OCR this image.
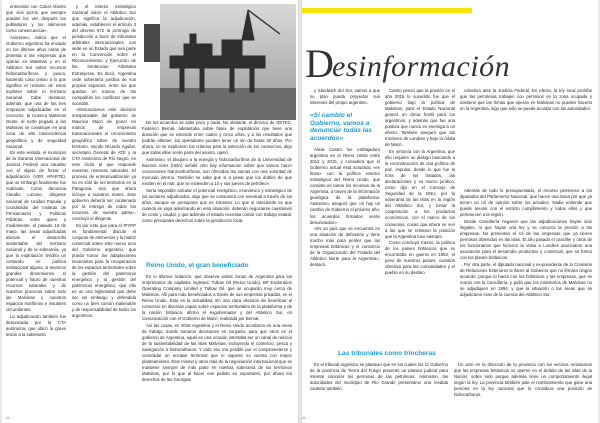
entrevista con Canal Abierto que «los pozos que siempre quedan los ven después los pobladores y los salmones como consecuencia».

Asimismo, indica que el Gobierno argentino ha enviado en los últimos años notas de protesta a las empresas que operan en Malvinas y en el Atlántico Sur sobre recursos hidrocarburíferos y pesca, haciendo caso omiso a lo que significa el reclamo de estos explotes sobre el territorio nacional. Cabe destacar, además, que una de las tres empresas adjudicadas en el concurso, la Cuenca Malvinas Oeste, al norte pegado a las Malvinas se constituye en una zona de alto trascendencia geopolítica y de seguridad nacional.

En este sentido, el municipio de la Garanía Internacional de Justicia Federal una cautelar con el objeto de frenar el adjudicación (VER APARTE), que un embargo finalmente fue realizado. Como denuncia Claudio Lozano, dirigente nacional de Unidad Popular y coordinador del Instituto de Pensamiento y Políticas Públicas, entre quien y mediamente, el pasado 16 de mayo, las áreas adjudicadas afectan el desarrollo sustentable del territorio nacional y de la soberanía, ya que la explotación tendría un comando en política institucional alguna, si tenemos grandes dimensiones el potencial y futuro de nuestros recursos naturales y de nuestros procesos sobre todo las Malvinas y nuestros espacios marítimos e insulares circundantes.

La adjudicación también fue denunciada por la CTA autónoma, que ubicó la grave lesión a la soberanía

y el interés estratégico nacional sobre el Atlántico Sur que significa la adjudicación, además, establecen el artículo 3 del decreto 872 la prórroga de jurisdicción a favor de tribunales arbitrales internacionales con sede en un Estado que sea parte en la Convención sobre el Reconocimiento y Ejecución de las Sentencias Arbitrales Extranjeras. Es decir, Argentina cede soberanía jurídica de sus propios espacios, entre los que quedan en manos de las compañías los conflictos que se sucedan.

«Denunciamos este decisión irresponsable del gobierno de Mauricio Macri de poner en manos de empresas transnacionales el conocimiento geográfico sobre de nuestro territorio, siendo Ricardo Aguilar, secretario General de ATE y la CTA Autónoma de Río Negro, en este ilícito al que responde nuestras reservas naturales. El proceso de entreprivatización ya no es sólo de los territorios en la Patagonia, sino que ahora incluye a nuestros mares. Este gobierno debería ser condenado por la entrega de todos los recursos de nuestra patria», concluyó el dirigente.

Es por esto que para el IPYPP es fundamental discutir el conjunto de elementos y la matriz comercial sobre este nuevo acto del Gobierno argentino, que pueda tomar las adaptaciones necesarias para la recuperación de los espacios territoriales sobre la gestión del patrimonio energético y la gestión del patrimonio energético, que ello es un una legitimidad que debe ser sin embargo y defendida como un bien común inalienable y de responsabilidad de todos los argentinos.

De los acuerdos se sabe poco y nada. No obstante, el director de OETEC, Federico Bernal, adelantaba sobre fases de explotación que tiene una duración que se extiende entre cuatro y cinco años, y a los resultados que podrán obtener, los operadores pueden tener un sin de hasta 30 años. Por ahora, no se explicaron los criterios para la selección de los consorcios, algo que todas ellas serán parte del asunto, opinó.

Asimismo, el bloqueo a la energía y hidrocarburífera de la Universidad de Buenos Aires (UBA) señaló «No hay información sobre que vamos hacer concesiones hidrocarburíferas, son ofrecidas las sumas con una voluntad de mercado interno. También se sabe que si a pesar que los dobles de que existen en el mar, que se extienden a 10 y sus jueves de petróleo».

Sería imposible calcular el potencial energético, económico y estratégico de los sectores adjudicados, algo que se consumirá con eventual a través de los años, aunque se presupone que es inmensa. Lo que sí trasciende es que cuando se vaya adentrando en esta situación, deberán negociarse cuestiones de costo y caudal, y que además el estado necesita contar con trabajo estatal, como principales derechos sobre la jurisdicción local.

Reino Unido, el gran beneficiado

En lo últimos licitación, que observa varias zonas de Argentina para los empresarios de capitales ingleses: Tullow Oil (Reino Unido), BP Exploration Operating Company Limited y Tullow Oil, que se ocuparán muy cerca de Malvinas. Allí para más beneficiados a través de sus empresas privadas, en el Reino Unido. Esta es la actualidad. En una clara decisión de beneficiar al consorcio en diversas capas sobre espacios territoriales de la plataforma y de la nación británica, afirmó el exgobernador y del Atlántico Sur, en comunicación con el Gobierno de Macri, realizada por Bernal.

Así las cosas, en 2016 Argentina y el Reino Unido acordaron en una mesa de trabajo, donde tomaron decisiones en conjunto, para que otros en el gobierno de Argentina, aquel en una ocasión intentaba ser un canal de reinicio de la sustentabilidad de las islas Malvinas, incluyendo el comercio, pesca y navegación a hidrocarburos. Y todo eso era posible por el comprometerse y consolidar un enclave territorial que ni siquiera no cuenta con mayor planteamiento. Este mismo y otros más de la negociación internacional que se mantiene siempre de más parte en nuestra soberanía de los territorios Malvinas, por lo que al hacer ese pedido es importante, por ahora los derechos de las Georgias

00
D
esinformación

y Sándwich del Sur, vamos a que su plan pueda proyectar sus intereses del propio argentino.

«Si cambio el Gobierno, vamos a denunciar todas las acuerdos»

Alicia Castro fue embajadora argentina en el Reino Unido entre 2012 y 2015, y considera que el Gobierno actual está actuando «en línea» con la política exterior estratégica del Reino Unido, que consiste en tomar los recursos de la Argentina, a través de la información geológica de la plataforma. Asimismo, aseguró que «si hay un cambio de Gobierno el próximo año, los acuerdos firmados serán denunciados».

«Es un país que se encuentra en una situación de defensión y tiene mucho más para perder que las empresas británicas y el consorcio de la Organización del Tratado del Atlántico Norte para la Argentina», destacó.

Castro pensó que la presión en el año 2016 lo sucedido fue que el gobierno bajo la política de Malvinas, para el Estado Nacional generó un clima hostil para los argentinos, y además que fue una postura que nunca es enemiga a un efecto. También aseguró que las misiones de Londres y bajo la órbita de Macri.

En sintonía con la Argentina, que ello requiere un diálogo buscando a la reconstrucción de una política de paz, impulsa, desde lo que fue la hora de los tratados, las declaraciones y su marco jurídico, como dijo en el Consejo de Seguridad de la ONU, por la soberanía de las islas en la región del Atlántico Sur, y tomar la cooperación a los productos económicos, con el marco de los convenios, cosas que ahora se ven a las que se retiraron la posición que la Argentina tuvo siempre.

Como concluyó Castro, la política de los países británicos que se encontraba en guerra en 1982, el peso de nuestros países, cuestión ofensiva para las comunidades y el pueblo en su destino.

colectiva ante la Justicia Federal. En efecto, la ley local prohíbe que las petroleras trabajen con permisos en la zona ocupada y sostiene que las firmas que operan en Malvinas no pueden hacerlo en la Argentina, algo que sólo se puede acordar con las autoridades.

Además de todo lo presupuestado, el recurso pertenece a los diputados del Parlamento Nacional, que hacen una tarea por que ya tienen un rol de opinión sobre los actuales. Nadie entiende que puede asumir con el estricto cumplimiento y todos ellos y que pertenecen a la región.

Desde Cancillería negaron que las adjudicaciones hayan sido ilegales, ni que hayan una ley y se conozca la presión a las empresas. No presentan el rol de las empresas que ya tienen permisos obtenidos en las islas. El año pasado el canciller y otros de los funcionarios que hicieron la visita a Londres anunciaron una asociación para el desarrollo productivo y comercial, que se formó con los planes británicos.

Por otra parte, el diputado nacional y ex-presidente de la Comisión de Relaciones Exteriores le llamó al Gobierno que no firmara ningún acuerdo, porque lo hacía con los británicos y las empresas, que se reunió con la Cancillería, y pidió que los ministerios de Malvinas no se adjudiquen en 1994, y que la situación o las áreas que se adjudicaron eran de la cuenca del Atlántico Sur.

Las tribunales como trincheras

En el tribunal argentino se plantean que en los cuales los 11 Gobierno de la provincia de Tierra del Fuego presentó un planteo judicial para intentar cancelar los permisos de las petroleras. Asimismo, las autoridades del municipio de Río Grande presentaron una medida cautelar también.

Un acto en la dirección de la provincia con los vecinos reclamaron que las empresas británicas no operen en el ámbito de las islas de la Nación, sobre todo porque además tiene un comportamiento ilegal según la ley. La provincia también pide el nombramiento que gane una persona en la ley nacional que lo considera una posición de hidrocarburos.

00
